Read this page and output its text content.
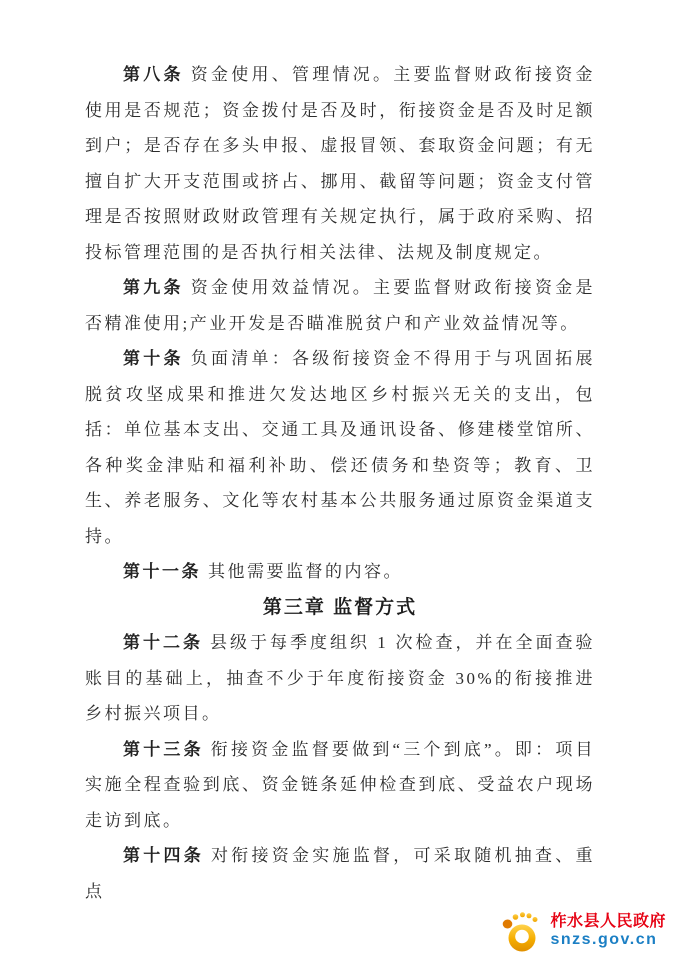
第八条 资金使用、管理情况。主要监督财政衔接资金使用是否规范；资金拨付是否及时，衔接资金是否及时足额到户；是否存在多头申报、虚报冒领、套取资金问题；有无擅自扩大开支范围或挤占、挪用、截留等问题；资金支付管理是否按照财政财政管理有关规定执行，属于政府采购、招投标管理范围的是否执行相关法律、法规及制度规定。

第九条 资金使用效益情况。主要监督财政衔接资金是否精准使用;产业开发是否瞄准脱贫户和产业效益情况等。

第十条 负面清单：各级衔接资金不得用于与巩固拓展脱贫攻坚成果和推进欠发达地区乡村振兴无关的支出，包括：单位基本支出、交通工具及通讯设备、修建楼堂馆所、各种奖金津贴和福利补助、偿还债务和垫资等；教育、卫生、养老服务、文化等农村基本公共服务通过原资金渠道支持。

第十一条 其他需要监督的内容。

第三章 监督方式

第十二条 县级于每季度组织 1 次检查，并在全面查验账目的基础上，抽查不少于年度衔接资金 30%的衔接推进乡村振兴项目。

第十三条 衔接资金监督要做到“三个到底”。即：项目实施全程查验到底、资金链条延伸检查到底、受益农户现场走访到底。

第十四条 对衔接资金实施监督，可采取随机抽查、重点

柞水县人民政府
snzs.gov.cn
